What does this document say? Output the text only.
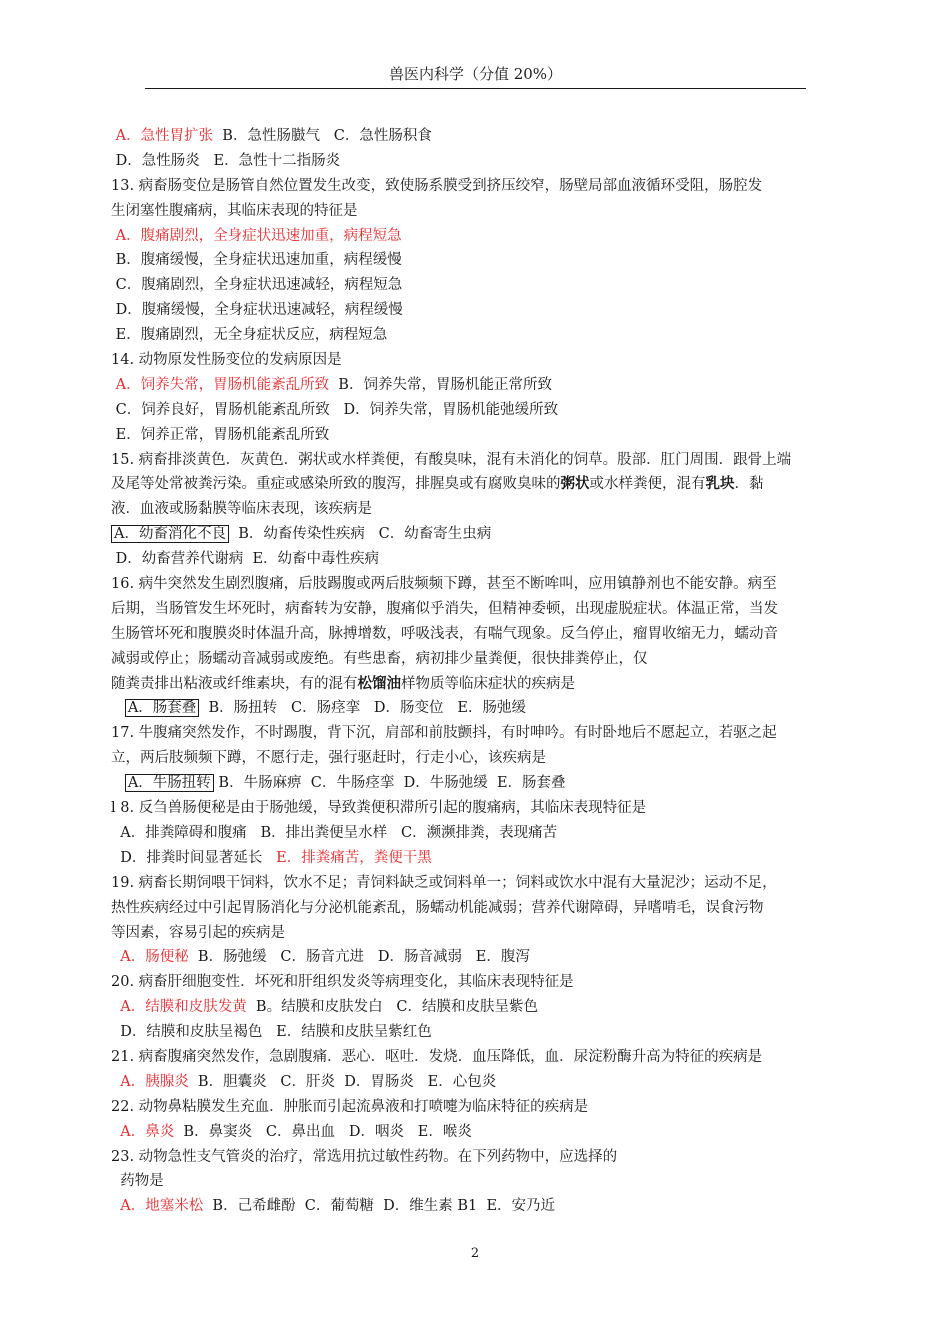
兽医内科学（分值 20%）
A．急性胃扩张  B．急性肠臌气   C．急性肠积食
D．急性肠炎   E．急性十二指肠炎
13. 病畜肠变位是肠管自然位置发生改变，致使肠系膜受到挤压绞窄，肠壁局部血液循环受阻，肠腔发
生闭塞性腹痛病，其临床表现的特征是
A．腹痛剧烈，全身症状迅速加重，病程短急
B．腹痛缓慢，全身症状迅速加重，病程缓慢
C．腹痛剧烈，全身症状迅速减轻，病程短急
D．腹痛缓慢，全身症状迅速减轻，病程缓慢
E．腹痛剧烈，无全身症状反应，病程短急
14. 动物原发性肠变位的发病原因是
A．饲养失常，胃肠机能紊乱所致  B．饲养失常，胃肠机能正常所致
C．饲养良好，胃肠机能紊乱所致   D．饲养失常，胃肠机能弛缓所致
E．饲养正常，胃肠机能紊乱所致
15. 病畜排淡黄色．灰黄色．粥状或水样粪便，有酸臭味，混有未消化的饲草。股部．肛门周围．跟骨上端
及尾等处常被粪污染。重症或感染所致的腹泻，排腥臭或有腐败臭味的粥状或水样粪便，混有乳块．黏
液．血液或肠黏膜等临床表现，该疾病是
A．幼畜消化不良  B．幼畜传染性疾病   C．幼畜寄生虫病
D．幼畜营养代谢病  E．幼畜中毒性疾病
16. 病牛突然发生剧烈腹痛，后肢踢腹或两后肢频频下蹲，甚至不断哞叫，应用镇静剂也不能安静。病至
后期，当肠管发生坏死时，病畜转为安静，腹痛似乎消失，但精神委顿，出现虚脱症状。体温正常，当发
生肠管坏死和腹膜炎时体温升高，脉搏增数，呼吸浅表，有喘气现象。反刍停止，瘤胃收缩无力，蠕动音
减弱或停止；肠蠕动音减弱或废绝。有些患畜，病初排少量粪便，很快排粪停止，仅
随粪责排出粘液或纤维素块，有的混有松馏油样物质等临床症状的疾病是
A．肠套叠  B．肠扭转   C．肠痉挛   D．肠变位   E．肠弛缓
17. 牛腹痛突然发作，不时踢腹，背下沉，肩部和前肢颤抖，有时呻吟。有时卧地后不愿起立，若驱之起
立，两后肢频频下蹲，不愿行走，强行驱赶时，行走小心，该疾病是
A．牛肠扭转 B．牛肠麻痹  C．牛肠痉挛  D．牛肠弛缓  E．肠套叠
l 8. 反刍兽肠便秘是由于肠弛缓，导致粪便积滞所引起的腹痛病，其临床表现特征是
A．排粪障碍和腹痛   B．排出粪便呈水样   C．濒濒排粪，表现痛苦
D．排粪时间显著延长   E．排粪痛苦，粪便干黑
19. 病畜长期饲喂干饲料，饮水不足；青饲料缺乏或饲料单一；饲料或饮水中混有大量泥沙；运动不足，
热性疾病经过中引起胃肠消化与分泌机能紊乱，肠蠕动机能减弱；营养代谢障碍，异嗜啃毛，误食污物
等因素，容易引起的疾病是
A．肠便秘  B．肠弛缓   C．肠音亢进   D．肠音减弱   E．腹泻
20. 病畜肝细胞变性．坏死和肝组织发炎等病理变化，其临床表现特征是
A．结膜和皮肤发黄  B。结膜和皮肤发白   C．结膜和皮肤呈紫色
D．结膜和皮肤呈褐色   E．结膜和皮肤呈紫红色
21. 病畜腹痛突然发作，急剧腹痛．恶心．呕吐．发烧．血压降低，血．尿淀粉酶升高为特征的疾病是
A．胰腺炎  B．胆囊炎   C．肝炎  D．胃肠炎   E．心包炎
22. 动物鼻粘膜发生充血．肿胀而引起流鼻液和打喷嚏为临床特征的疾病是
A．鼻炎  B．鼻窦炎   C．鼻出血   D．咽炎   E．喉炎
23. 动物急性支气管炎的治疗，常选用抗过敏性药物。在下列药物中，应选择的
药物是
A．地塞米松  B．己希雌酚  C．葡萄糖  D．维生素 B1  E．安乃近
2
